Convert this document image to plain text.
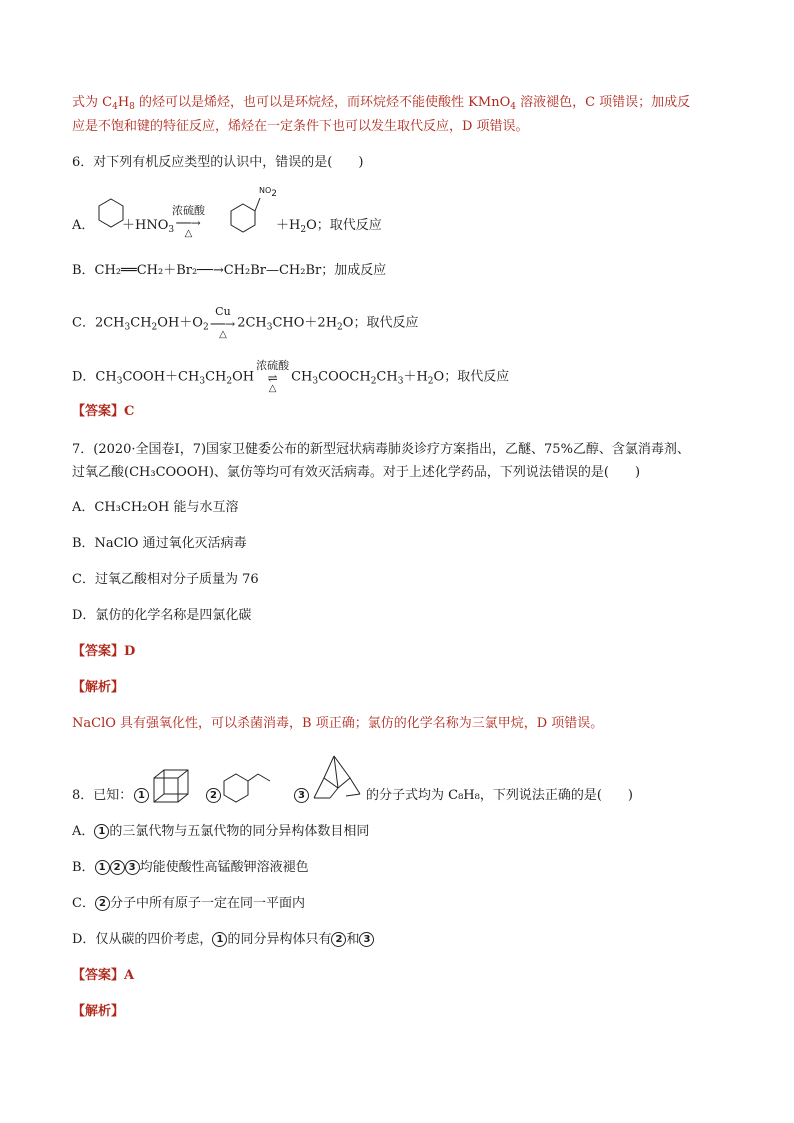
式为 $C_4H_8$ 的烃可以是烯烃，也可以是环烷烃，而环烷烃不能使酸性 KMnO$_4$ 溶液褪色，C 项错误；加成反
应是不饱和键的特征反应，烯烃在一定条件下也可以发生取代反应，D 项错误。
6．对下列有机反应类型的认识中，错误的是(　　)
A． $+HNO_3$
浓硫酸
──→
△
$NO_2$
$+H_2O$；取代反应
B．CH₂══CH₂＋Br₂──→CH₂Br—CH₂Br；加成反应
C．$2CH_3CH_2OH+O_2$
Cu
──→
△
$2CH_3CHO+2H_2O$；取代反应
D．$CH_3COOH+CH_3CH_2OH$
浓硫酸
⇌
△
$CH_3COOCH_2CH_3+H_2O$；取代反应
【答案】C
7．(2020·全国卷Ⅰ，7)国家卫健委公布的新型冠状病毒肺炎诊疗方案指出，乙醚、75%乙醇、含氯消毒剂、
过氧乙酸(CH₃COOOH)、氯仿等均可有效灭活病毒。对于上述化学药品，下列说法错误的是(　　)
A．CH₃CH₂OH 能与水互溶
B．NaClO 通过氧化灭活病毒
C．过氧乙酸相对分子质量为 76
D．氯仿的化学名称是四氯化碳
【答案】D
【解析】
NaClO 具有强氧化性，可以杀菌消毒，B 项正确；氯仿的化学名称为三氯甲烷，D 项错误。
8．已知： 1	2	3	的分子式均为 C₈H₈，下列说法正确的是(　　)
A． 1 的三氯代物与五氯代物的同分异构体数目相同
B． 1 2 3 均能使酸性高锰酸钾溶液褪色
C． 2 分子中所有原子一定在同一平面内
D．仅从碳的四价考虑， 1 的同分异构体只有 2 和 3
【答案】A
【解析】
